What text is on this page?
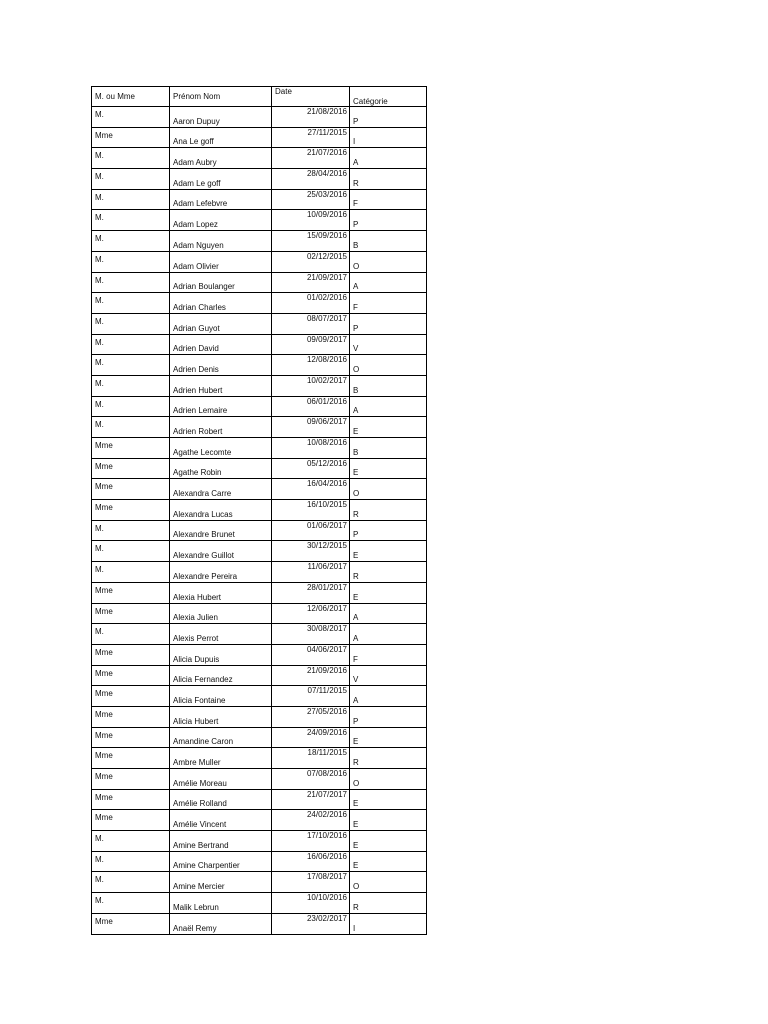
M. ou Mme	Prénom Nom	Date	Catégorie
M.	Aaron Dupuy	21/08/2016	P
Mme	Ana Le goff	27/11/2015	I
M.	Adam Aubry	21/07/2016	A
M.	Adam Le goff	28/04/2016	R
M.	Adam Lefebvre	25/03/2016	F
M.	Adam Lopez	10/09/2016	P
M.	Adam Nguyen	15/09/2016	B
M.	Adam Olivier	02/12/2015	O
M.	Adrian Boulanger	21/09/2017	A
M.	Adrian Charles	01/02/2016	F
M.	Adrian Guyot	08/07/2017	P
M.	Adrien David	09/09/2017	V
M.	Adrien Denis	12/08/2016	O
M.	Adrien Hubert	10/02/2017	B
M.	Adrien Lemaire	06/01/2016	A
M.	Adrien Robert	09/06/2017	E
Mme	Agathe Lecomte	10/08/2016	B
Mme	Agathe Robin	05/12/2016	E
Mme	Alexandra Carre	16/04/2016	O
Mme	Alexandra Lucas	16/10/2015	R
M.	Alexandre Brunet	01/06/2017	P
M.	Alexandre Guillot	30/12/2015	E
M.	Alexandre Pereira	11/06/2017	R
Mme	Alexia Hubert	28/01/2017	E
Mme	Alexia Julien	12/06/2017	A
M.	Alexis Perrot	30/08/2017	A
Mme	Alicia Dupuis	04/06/2017	F
Mme	Alicia Fernandez	21/09/2016	V
Mme	Alicia Fontaine	07/11/2015	A
Mme	Alicia Hubert	27/05/2016	P
Mme	Amandine Caron	24/09/2016	E
Mme	Ambre Muller	18/11/2015	R
Mme	Amélie Moreau	07/08/2016	O
Mme	Amélie Rolland	21/07/2017	E
Mme	Amélie Vincent	24/02/2016	E
M.	Amine Bertrand	17/10/2016	E
M.	Amine Charpentier	16/06/2016	E
M.	Amine Mercier	17/08/2017	O
M.	Malik Lebrun	10/10/2016	R
Mme	Anaël Remy	23/02/2017	I
